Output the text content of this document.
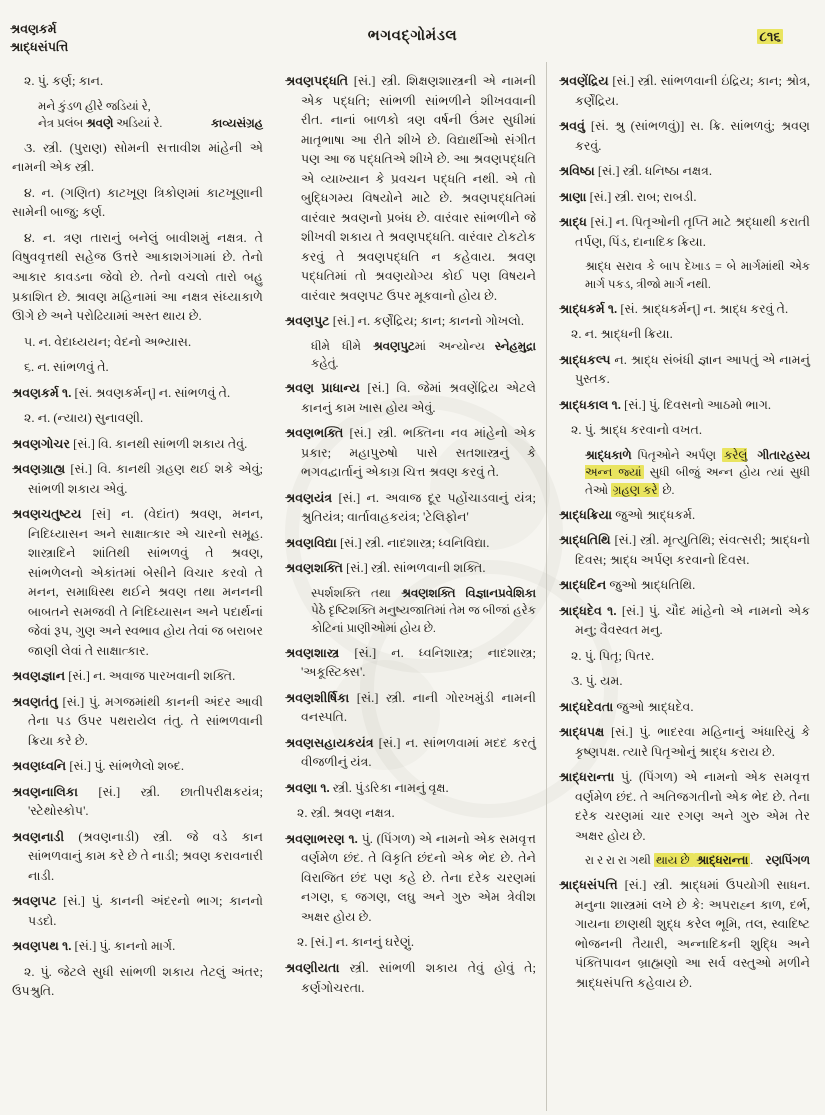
શ્રવણકર્મ
શ્રાદ્ધસંપત્તિ
ભગવદ્ગોમંડલ	૮૧૬
૨. પું. કર્ણ; કાન.
મને કુંડળ હીરે જડિયાં રે,
કાવ્યસંગ્રહ
નેત્ર પ્રલંબ શ્રવણે અડિયાં રે.
૩. સ્ત્રી. (પુરાણ) સોમની સત્તાવીશ માંહેની એ નામની એક સ્ત્રી.
૪. ન. (ગણિત) કાટખૂણ ત્રિકોણમાં કાટખૂણાની સામેની બાજુ; કર્ણ.
૪. ન. ત્રણ તારાનું બનેલું બાવીશમું નક્ષત્ર. તે વિષુવવૃત્તથી સહેજ ઉત્તરે આકાશગંગામાં છે. તેનો આકાર કાવડના જેવો છે. તેનો વચલો તારો બહુ પ્રકાશિત છે. શ્રાવણ મહિનામાં આ નક્ષત્ર સંધ્યાકાળે ઊગે છે અને પરોઢિયામાં અસ્ત થાય છે.
૫. ન. વેદાધ્યયન; વેદનો અભ્યાસ.
૬. ન. સાંભળવું તે.
શ્રવણકર્મ ૧. [સં. શ્રવણકર્મન્] ન. સાંભળવું તે.
૨. ન. (ન્યાય) સુનાવણી.
શ્રવણગોચર [સં.] વિ. કાનથી સાંભળી શકાય તેવું.
શ્રવણગ્રાહ્ય [સં.] વિ. કાનથી ગ્રહણ થઈ શકે એવું; સાંભળી શકાય એવું.
શ્રવણચતુષ્ટય [સં] ન. (વેદાંત) શ્રવણ, મનન, નિદિધ્યાસન અને સાક્ષાત્કાર એ ચારનો સમૂહ. શાસ્ત્રાદિને શાંતિથી સાંભળવું તે શ્રવણ, સાંભળેલનો એકાંતમાં બેસીને વિચાર કરવો તે મનન, સમાધિસ્થ થઈને શ્રવણ તથા મનનની બાબતને સમજવી તે નિદિધ્યાસન અને પદાર્થનાં જેવાં રૂપ, ગુણ અને સ્વભાવ હોય તેવાં જ બરાબર જાણી લેવાં તે સાક્ષાત્કાર.
શ્રવણજ્ઞાન [સં.] ન. અવાજ પારખવાની શક્તિ.
શ્રવણતંતુ [સં.] પું. મગજમાંથી કાનની અંદર આવી તેના પડ ઉપર પથરાયેલ તંતુ. તે સાંભળવાની ક્રિયા કરે છે.
શ્રવણધ્વનિ [સં.] પું. સાંભળેલો શબ્દ.
શ્રવણનાલિકા [સં.] સ્ત્રી. છાતીપરીક્ષકયંત્ર; 'સ્ટેથોસ્કોપ'.
શ્રવણનાડી (શ્રવણનાડી) સ્ત્રી. જે વડે કાન સાંભળવાનું કામ કરે છે તે નાડી; શ્રવણ કરાવનારી નાડી.
શ્રવણપટ [સં.] પું. કાનની અંદરનો ભાગ; કાનનો પડદો.
શ્રવણપથ ૧. [સં.] પું. કાનનો માર્ગ.
૨. પું. જેટલે સુધી સાંભળી શકાય તેટલું અંતર; ઉપશ્રુતિ.
શ્રવણપદ્ધતિ [સં.] સ્ત્રી. શિક્ષણશાસ્ત્રની એ નામની એક પદ્ધતિ; સાંભળી સાંભળીને શીખવવાની રીત. નાનાં બાળકો ત્રણ વર્ષની ઉંમર સુધીમાં માતૃભાષા આ રીતે શીખે છે. વિદ્યાર્થીઓ સંગીત પણ આ જ પદ્ધતિએ શીખે છે. આ શ્રવણપદ્ધતિ એ વ્યાખ્યાન કે પ્રવચન પદ્ધતિ નથી. એ તો બુદ્ધિગમ્ય વિષયોને માટે છે. શ્રવણપદ્ધતિમાં વારંવાર શ્રવણનો પ્રબંધ છે. વારંવાર સાંભળીને જે શીખવી શકાય તે શ્રવણપદ્ધતિ. વારંવાર ટોકટોક કરવું તે શ્રવણપદ્ધતિ ન કહેવાય. શ્રવણ પદ્ધતિમાં તો શ્રવણયોગ્ય કોઈ પણ વિષયને વારંવાર શ્રવણપટ ઉપર મૂકવાનો હોય છે.
શ્રવણપુટ [સં.] ન. કર્ણેંદ્રિય; કાન; કાનનો ગોખલો.
સ્નેહમુદ્રા
ધીમે ધીમે શ્રવણપુટમાં અન્યોન્ય કહેતું.
શ્રવણ પ્રાધાન્ય [સં.] વિ. જેમાં શ્રવણેંદ્રિય એટલે કાનનું કામ ખાસ હોય એવું.
શ્રવણભક્તિ [સં.] સ્ત્રી. ભક્તિના નવ માંહેનો એક પ્રકાર; મહાપુરુષો પાસે સતશાસ્ત્રનું કે ભગવદ્વાર્તાનું એકાગ્ર ચિત્ત શ્રવણ કરવું તે.
શ્રવણયંત્ર [સં.] ન. અવાજ દૂર પહોંચાડવાનું યંત્ર; શ્રુતિયંત્ર; વાર્તાવાહકયંત્ર; 'ટેલિફોન'
શ્રવણવિદ્યા [સં.] સ્ત્રી. નાદશાસ્ત્ર; ધ્વનિવિદ્યા.
શ્રવણશક્તિ [સં.] સ્ત્રી. સાંભળવાની શક્તિ.
વિજ્ઞાનપ્રવેશિકા
સ્પર્શશક્તિ તથા શ્રવણશક્તિ પેઠે દૃષ્ટિશક્તિ મનુષ્યજાતિમાં તેમ જ બીજાં હરેક કોટિનાં પ્રાણીઓમાં હોય છે.
શ્રવણશાસ્ત્ર [સં.] ન. ધ્વનિશાસ્ત્ર; નાદશાસ્ત્ર; 'અકૂસ્ટિક્સ'.
શ્રવણશીર્ષિકા [સં.] સ્ત્રી. નાની ગોરખમુંડી નામની વનસ્પતિ.
શ્રવણસહાયકયંત્ર [સં.] ન. સાંભળવામાં મદદ કરતું વીજળીનું યંત્ર.
શ્રવણા ૧. સ્ત્રી. પુંડરિકા નામનું વૃક્ષ.
૨. સ્ત્રી. શ્રવણ નક્ષત્ર.
શ્રવણાભરણ ૧. પું. (પિંગળ) એ નામનો એક સમવૃત્ત વર્ણમેળ છંદ. તે વિકૃતિ છંદનો એક ભેદ છે. તેને વિરાજિત છંદ પણ કહે છે. તેના દરેક ચરણમાં નગણ, ૬ જગણ, લઘુ અને ગુરુ એમ ત્રેવીશ અક્ષર હોય છે.
૨. [સં.] ન. કાનનું ઘરેણું.
શ્રવણીયતા સ્ત્રી. સાંભળી શકાય તેવું હોવું તે; કર્ણગોચરતા.
શ્રવણેંદ્રિય [સં.] સ્ત્રી. સાંભળવાની ઇંદ્રિય; કાન; શ્રોત્ર, કર્ણેંદ્રિય.
શ્રવવું [સં. શ્રુ (સાંભળવું)] સ. ક્રિ. સાંભળવું; શ્રવણ કરવું.
શ્રવિષ્ઠા [સં.] સ્ત્રી. ધનિષ્ઠા નક્ષત્ર.
શ્રાણા [સં.] સ્ત્રી. રાબ; રાબડી.
શ્રાદ્ધ [સં.] ન. પિતૃઓની તૃપ્તિ માટે શ્રદ્ધાથી કરાતી તર્પણ, પિંડ, દાનાદિક ક્રિયા.
શ્રાદ્ધ સરાવ કે બાપ દેખાડ = બે માર્ગમાંથી એક માર્ગ પકડ, ત્રીજો માર્ગ નથી.
શ્રાદ્ધકર્મ ૧. [સં. શ્રાદ્ધકર્મન્] ન. શ્રાદ્ધ કરવું તે.
૨. ન. શ્રાદ્ધની ક્રિયા.
શ્રાદ્ધકલ્પ ન. શ્રાદ્ધ સંબંધી જ્ઞાન આપતું એ નામનું પુસ્તક.
શ્રાદ્ધકાલ ૧. [સં.] પું. દિવસનો આઠમો ભાગ.
૨. પું. શ્રાદ્ધ કરવાનો વખત.
ગીતારહસ્ય
શ્રાદ્ધકાળે પિતૃઓને અર્પણ કરેલું અન્ન જ્યાં સુધી બીજું અન્ન હોય ત્યાં સુધી તેઓ ગ્રહણ કરે છે.
શ્રાદ્ધક્રિયા જુઓ શ્રાદ્ધકર્મ.
શ્રાદ્ધતિથિ [સં.] સ્ત્રી. મૃત્યુતિથિ; સંવત્સરી; શ્રાદ્ધનો દિવસ; શ્રાદ્ધ અર્પણ કરવાનો દિવસ.
શ્રાદ્ધદિન જુઓ શ્રાદ્ધતિથિ.
શ્રાદ્ધદેવ ૧. [સં.] પું. ચૌદ માંહેનો એ નામનો એક મનુ; વૈવસ્વત મનુ.
૨. પું. પિતૃ; પિતર.
૩. પું. યમ.
શ્રાદ્ધદેવતા જુઓ શ્રાદ્ધદેવ.
શ્રાદ્ધપક્ષ [સં.] પું. ભાદરવા મહિનાનું અંધારિયું કે કૃષ્ણપક્ષ. ત્યારે પિતૃઓનું શ્રાદ્ધ કરાય છે.
શ્રાદ્ધરાન્તા પું. (પિંગળ) એ નામનો એક સમવૃત્ત વર્ણમેળ છંદ. તે અતિજગતીનો એક ભેદ છે. તેના દરેક ચરણમાં ચાર રગણ અને ગુરુ એમ તેર અક્ષર હોય છે.
રણપિંગળ
રા ર રા રા ગથી થાય છે શ્રાદ્ધરાન્તા .
શ્રાદ્ધસંપત્તિ [સં.] સ્ત્રી. શ્રાદ્ધમાં ઉપયોગી સાધન. મનુના શાસ્ત્રમાં લખે છે કે: અપરાહ્ન કાળ, દર્ભ, ગાયના છાણથી શુદ્ધ કરેલ ભૂમિ, તલ, સ્વાદિષ્ટ ભોજનની તૈયારી, અન્નાદિકની શુદ્ધિ અને પંક્તિપાવન બ્રાહ્મણો આ સર્વ વસ્તુઓ મળીને શ્રાદ્ધસંપત્તિ કહેવાય છે.
